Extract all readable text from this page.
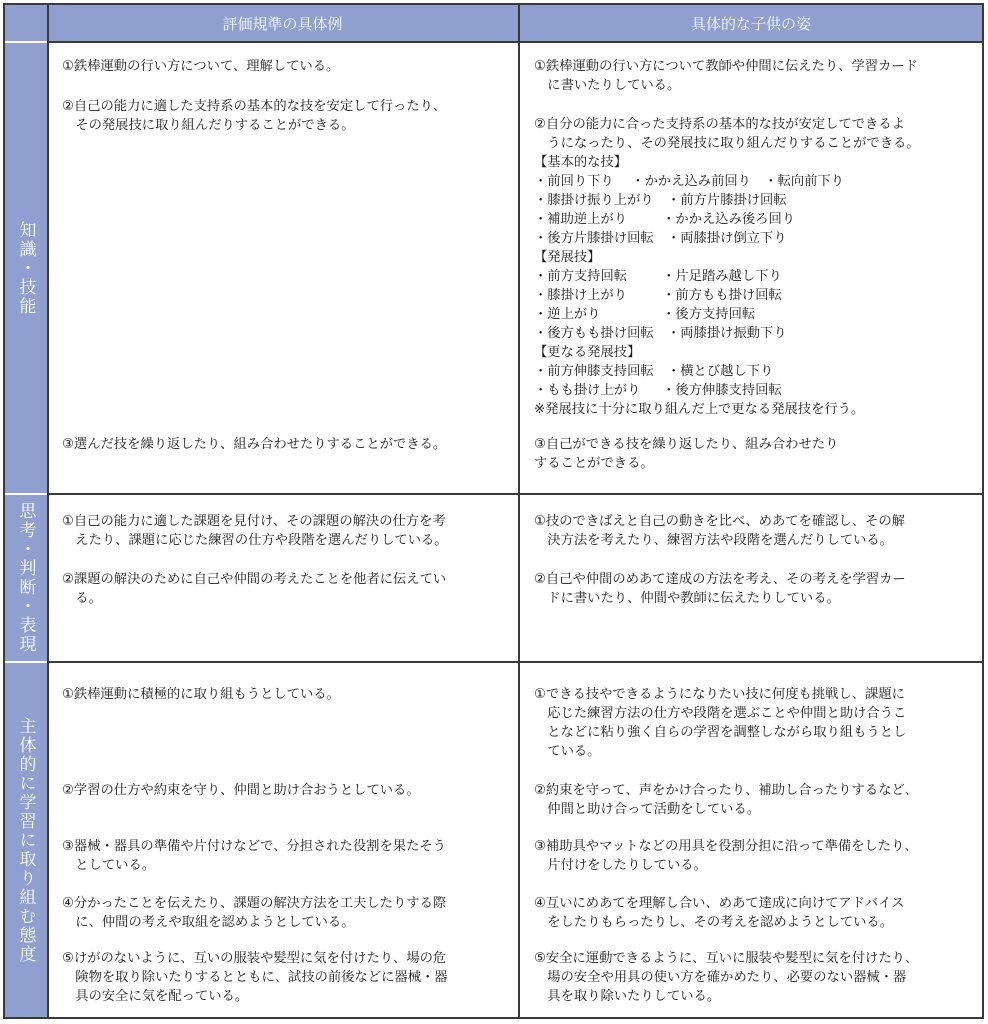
評価規準の具体例	具体的な子供の姿
知識・技能
思考・判断・表現
主体的に学習に取り組む態度

①鉄棒運動の行い方について、理解している。

②自己の能力に適した支持系の基本的な技を安定して行ったり、
　その発展技に取り組んだりすることができる。

③選んだ技を繰り返したり、組み合わせたりすることができる。

①鉄棒運動の行い方について教師や仲間に伝えたり、学習カード
　に書いたりしている。

②自分の能力に合った支持系の基本的な技が安定してできるよ
　うになったり、その発展技に取り組んだりすることができる。

【基本的な技】

・前回り下り　 ・かかえ込み前回り　・転向前下り
・膝掛け振り上がり　・前方片膝掛け回転
・補助逆上がり　　  ・かかえ込み後ろ回り
・後方片膝掛け回転　・両膝掛け倒立下り

【発展技】

・前方支持回転　　  ・片足踏み越し下り
・膝掛け上がり　　  ・前方もも掛け回転
・逆上がり　　　　  ・後方支持回転
・後方もも掛け回転　・両膝掛け振動下り

【更なる発展技】

・前方伸膝支持回転　・横とび越し下り
・もも掛け上がり　  ・後方伸膝支持回転

※発展技に十分に取り組んだ上で更なる発展技を行う。

③自己ができる技を繰り返したり、組み合わせたり
することができる。

①自己の能力に適した課題を見付け、その課題の解決の仕方を考
　えたり、課題に応じた練習の仕方や段階を選んだりしている。

②課題の解決のために自己や仲間の考えたことを他者に伝えてい
　る。

①技のできばえと自己の動きを比べ、めあてを確認し、その解
　決方法を考えたり、練習方法や段階を選んだりしている。

②自己や仲間のめあて達成の方法を考え、その考えを学習カー
　ドに書いたり、仲間や教師に伝えたりしている。

①鉄棒運動に積極的に取り組もうとしている。

②学習の仕方や約束を守り、仲間と助け合おうとしている。

③器械・器具の準備や片付けなどで、分担された役割を果たそう
　としている。

④分かったことを伝えたり、課題の解決方法を工夫したりする際
　に、仲間の考えや取組を認めようとしている。

⑤けがのないように、互いの服装や髪型に気を付けたり、場の危
　険物を取り除いたりするとともに、試技の前後などに器械・器
　具の安全に気を配っている。

①できる技やできるようになりたい技に何度も挑戦し、課題に
　応じた練習方法の仕方や段階を選ぶことや仲間と助け合うこ
　となどに粘り強く自らの学習を調整しながら取り組もうとし
　ている。

②約束を守って、声をかけ合ったり、補助し合ったりするなど、
　仲間と助け合って活動をしている。

③補助具やマットなどの用具を役割分担に沿って準備をしたり、
　片付けをしたりしている。

④互いにめあてを理解し合い、めあて達成に向けてアドバイス
　をしたりもらったりし、その考えを認めようとしている。

⑤安全に運動できるように、互いに服装や髪型に気を付けたり、
　場の安全や用具の使い方を確かめたり、必要のない器械・器
　具を取り除いたりしている。
